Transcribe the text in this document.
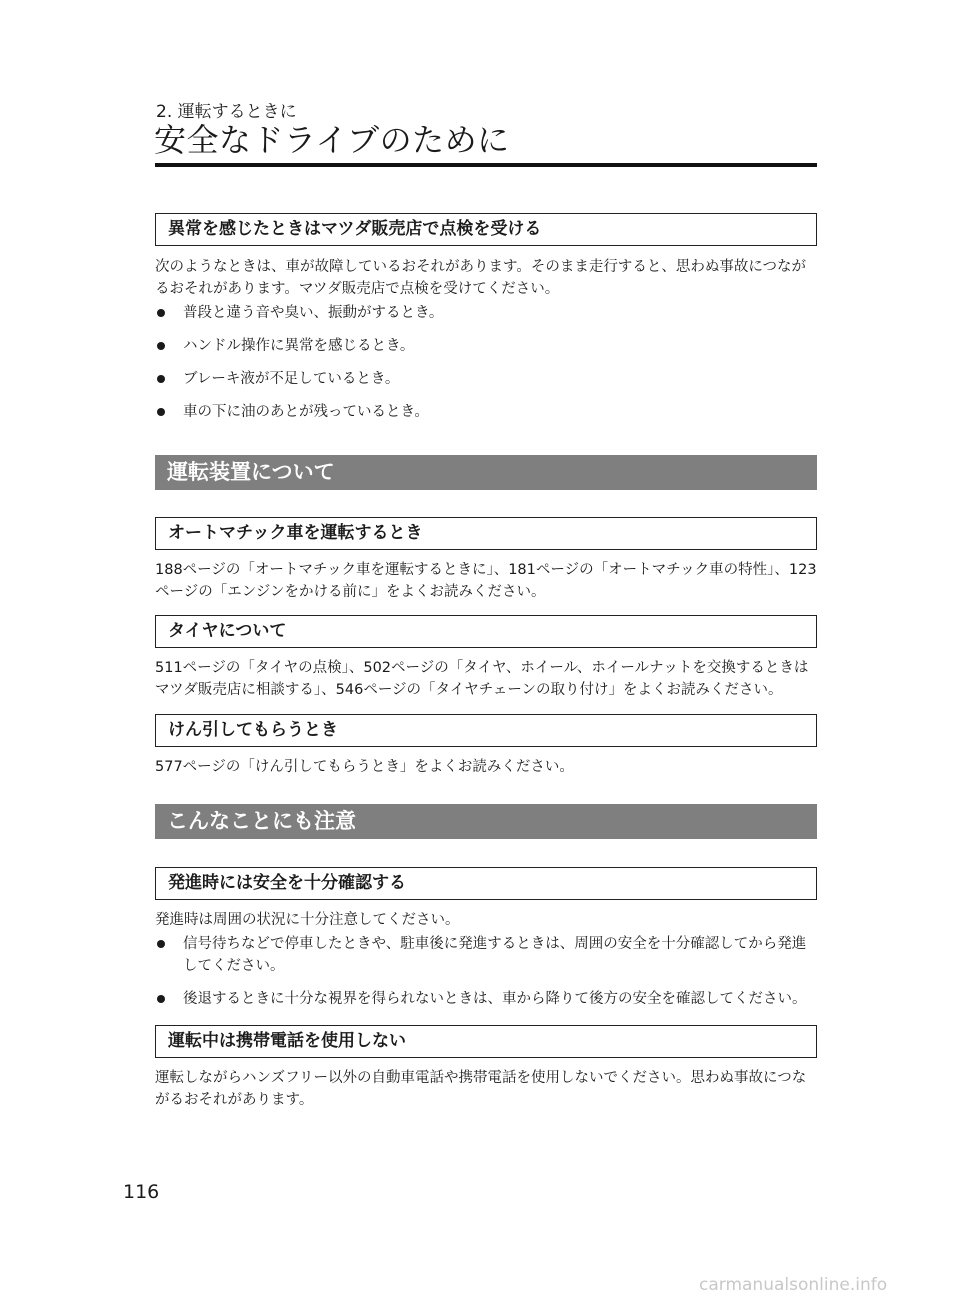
2. 運転するときに
安全なドライブのために
異常を感じたときはマツダ販売店で点検を受ける

次のようなときは、車が故障しているおそれがあります。そのまま走行すると、思わぬ事故につながるおそれがあります。マツダ販売店で点検を受けてください。

普段と違う音や臭い、振動がするとき。
ハンドル操作に異常を感じるとき。
ブレーキ液が不足しているとき。
車の下に油のあとが残っているとき。
運転装置について
オートマチック車を運転するとき

188ページの「オートマチック車を運転するときに」、181ページの「オートマチック車の特性」、123ページの「エンジンをかける前に」をよくお読みください。

タイヤについて

511ページの「タイヤの点検」、502ページの「タイヤ、ホイール、ホイールナットを交換するときはマツダ販売店に相談する」、546ページの「タイヤチェーンの取り付け」をよくお読みください。

けん引してもらうとき

577ページの「けん引してもらうとき」をよくお読みください。

こんなことにも注意
発進時には安全を十分確認する

発進時は周囲の状況に十分注意してください。

信号待ちなどで停車したときや、駐車後に発進するときは、周囲の安全を十分確認してから発進してください。
後退するときに十分な視界を得られないときは、車から降りて後方の安全を確認してください。
運転中は携帯電話を使用しない

運転しながらハンズフリー以外の自動車電話や携帯電話を使用しないでください。思わぬ事故につながるおそれがあります。

116
carmanualsonline.info
